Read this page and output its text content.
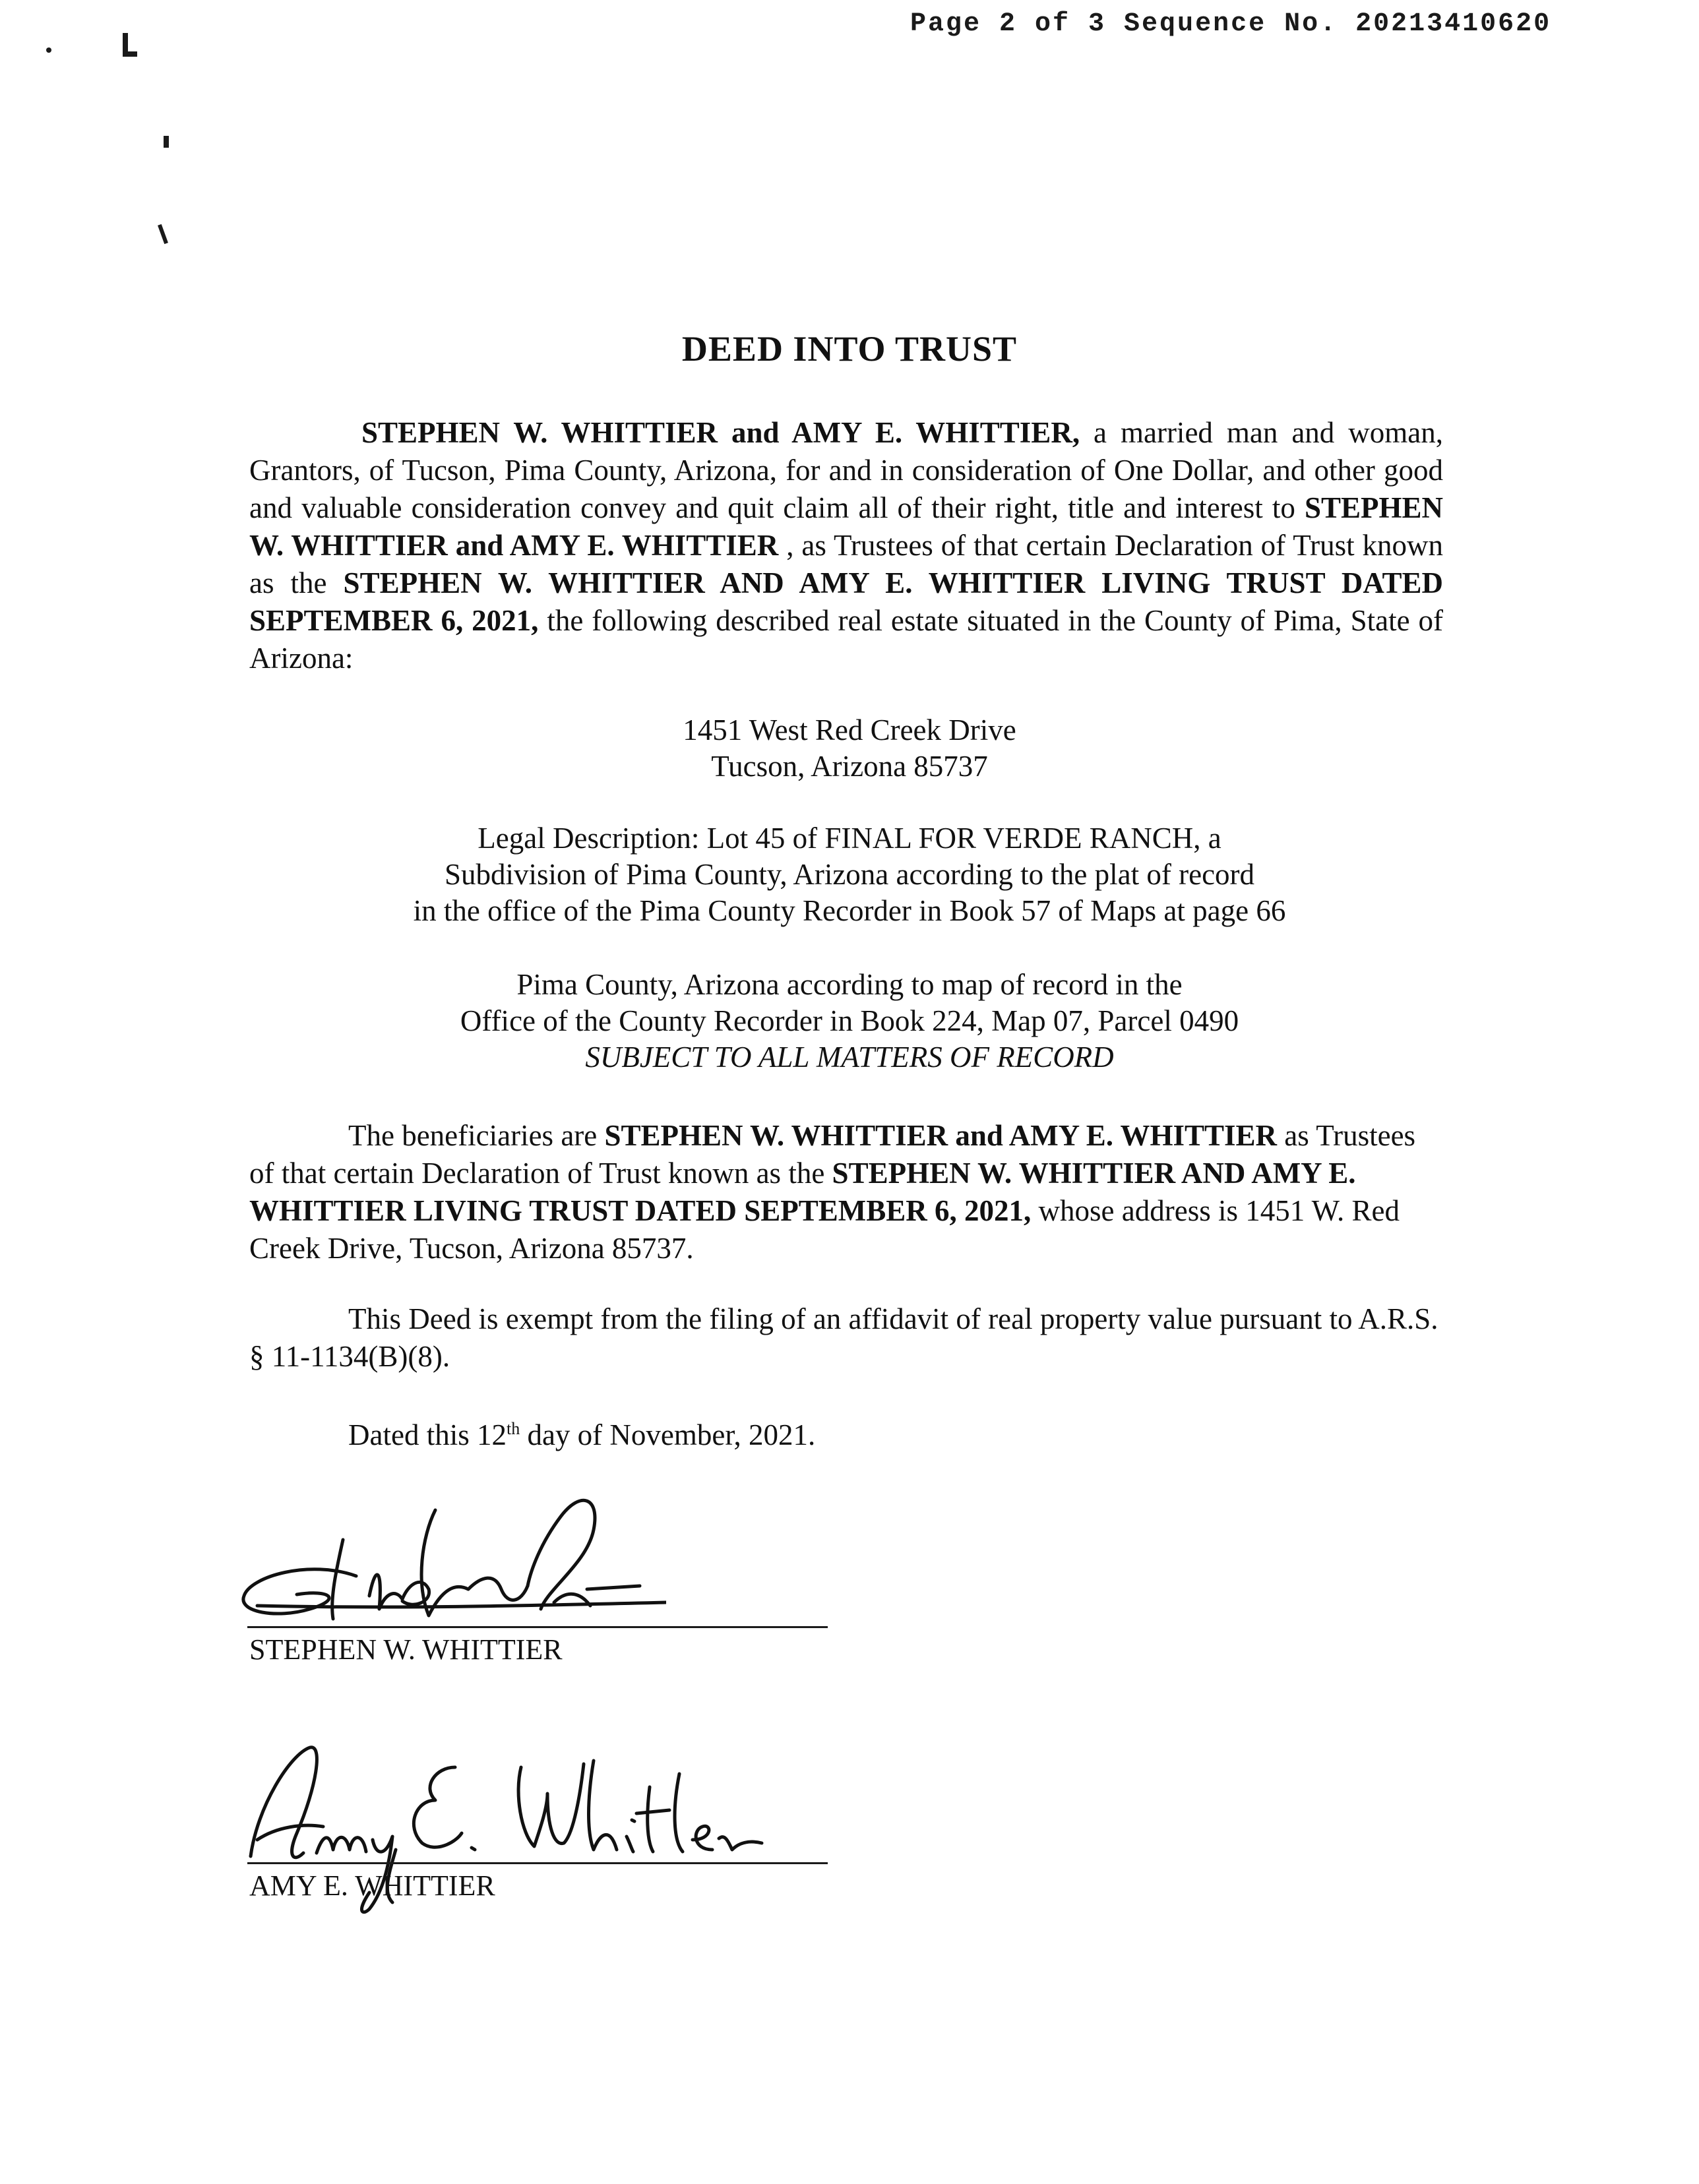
Page 2 of 3 Sequence No. 20213410620
DEED INTO TRUST
STEPHEN W. WHITTIER and AMY E. WHITTIER, a married man and woman, Grantors, of Tucson, Pima County, Arizona, for and in consideration of One Dollar, and other good and valuable consideration convey and quit claim all of their right, title and interest to STEPHEN W. WHITTIER and AMY E. WHITTIER , as Trustees of that certain Declaration of Trust known as the STEPHEN W. WHITTIER AND AMY E. WHITTIER LIVING TRUST DATED SEPTEMBER 6, 2021, the following described real estate situated in the County of Pima, State of Arizona:
1451 West Red Creek Drive
Tucson, Arizona 85737
Legal Description: Lot 45 of FINAL FOR VERDE RANCH, a
Subdivision of Pima County, Arizona according to the plat of record
in the office of the Pima County Recorder in Book 57 of Maps at page 66
Pima County, Arizona according to map of record in the
Office of the County Recorder in Book 224, Map 07, Parcel 0490
SUBJECT TO ALL MATTERS OF RECORD
The beneficiaries are STEPHEN W. WHITTIER and AMY E. WHITTIER as Trustees of that certain Declaration of Trust known as the STEPHEN W. WHITTIER AND AMY E. WHITTIER LIVING TRUST DATED SEPTEMBER 6, 2021, whose address is 1451 W. Red Creek Drive, Tucson, Arizona 85737.
This Deed is exempt from the filing of an affidavit of real property value pursuant to A.R.S. § 11-1134(B)(8).
Dated this 12th day of November, 2021.
STEPHEN W. WHITTIER
AMY E. WHITTIER
